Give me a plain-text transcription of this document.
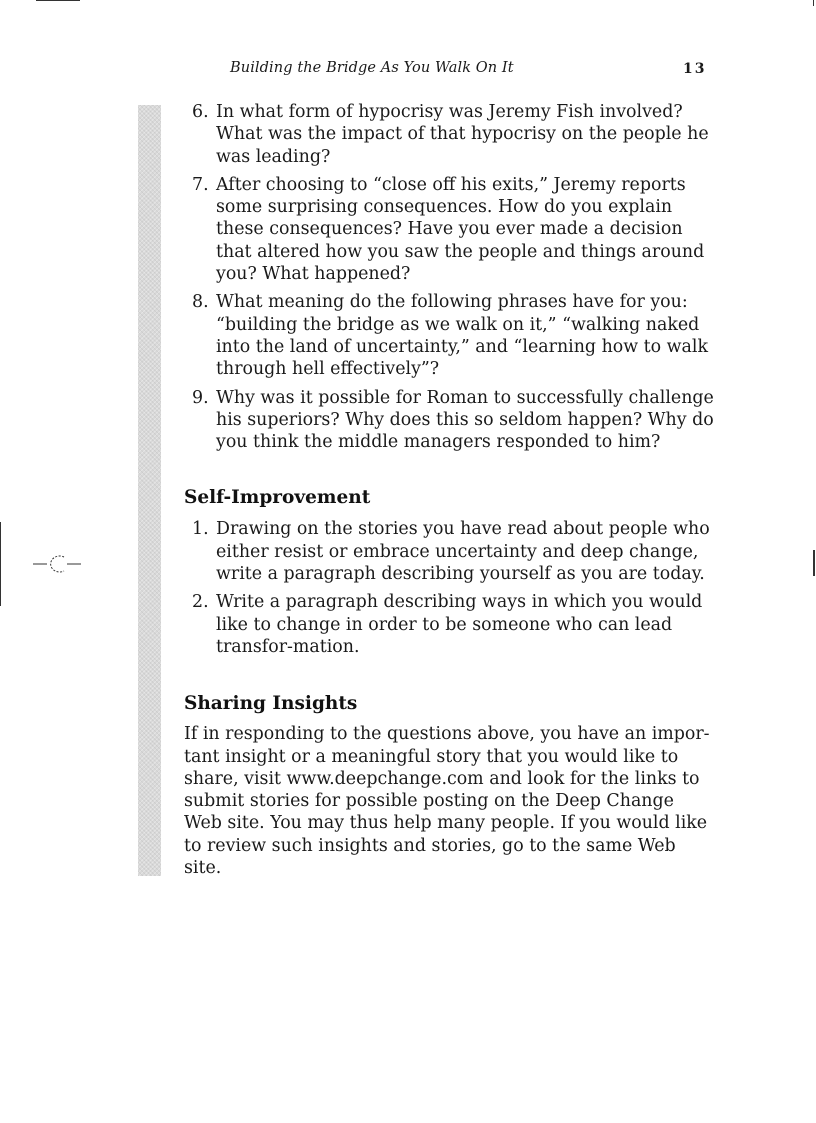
Building the Bridge As You Walk On It	13
6. In what form of hypocrisy was Jeremy Fish involved? What was the impact of that hypocrisy on the people he was leading?
7. After choosing to “close off his exits,” Jeremy reports some surprising consequences. How do you explain these consequences? Have you ever made a decision that altered how you saw the people and things around you? What happened?
8. What meaning do the following phrases have for you: “building the bridge as we walk on it,” “walking naked into the land of uncertainty,” and “learning how to walk through hell effectively”?
9. Why was it possible for Roman to successfully challenge his superiors? Why does this so seldom happen? Why do you think the middle managers responded to him?
Self-Improvement
1. Drawing on the stories you have read about people who either resist or embrace uncertainty and deep change, write a paragraph describing yourself as you are today.
2. Write a paragraph describing ways in which you would like to change in order to be someone who can lead transfor-mation.
Sharing Insights

If in responding to the questions above, you have an impor-tant insight or a meaningful story that you would like to share, visit www.deepchange.com and look for the links to submit stories for possible posting on the Deep Change Web site. You may thus help many people. If you would like to review such insights and stories, go to the same Web site.
